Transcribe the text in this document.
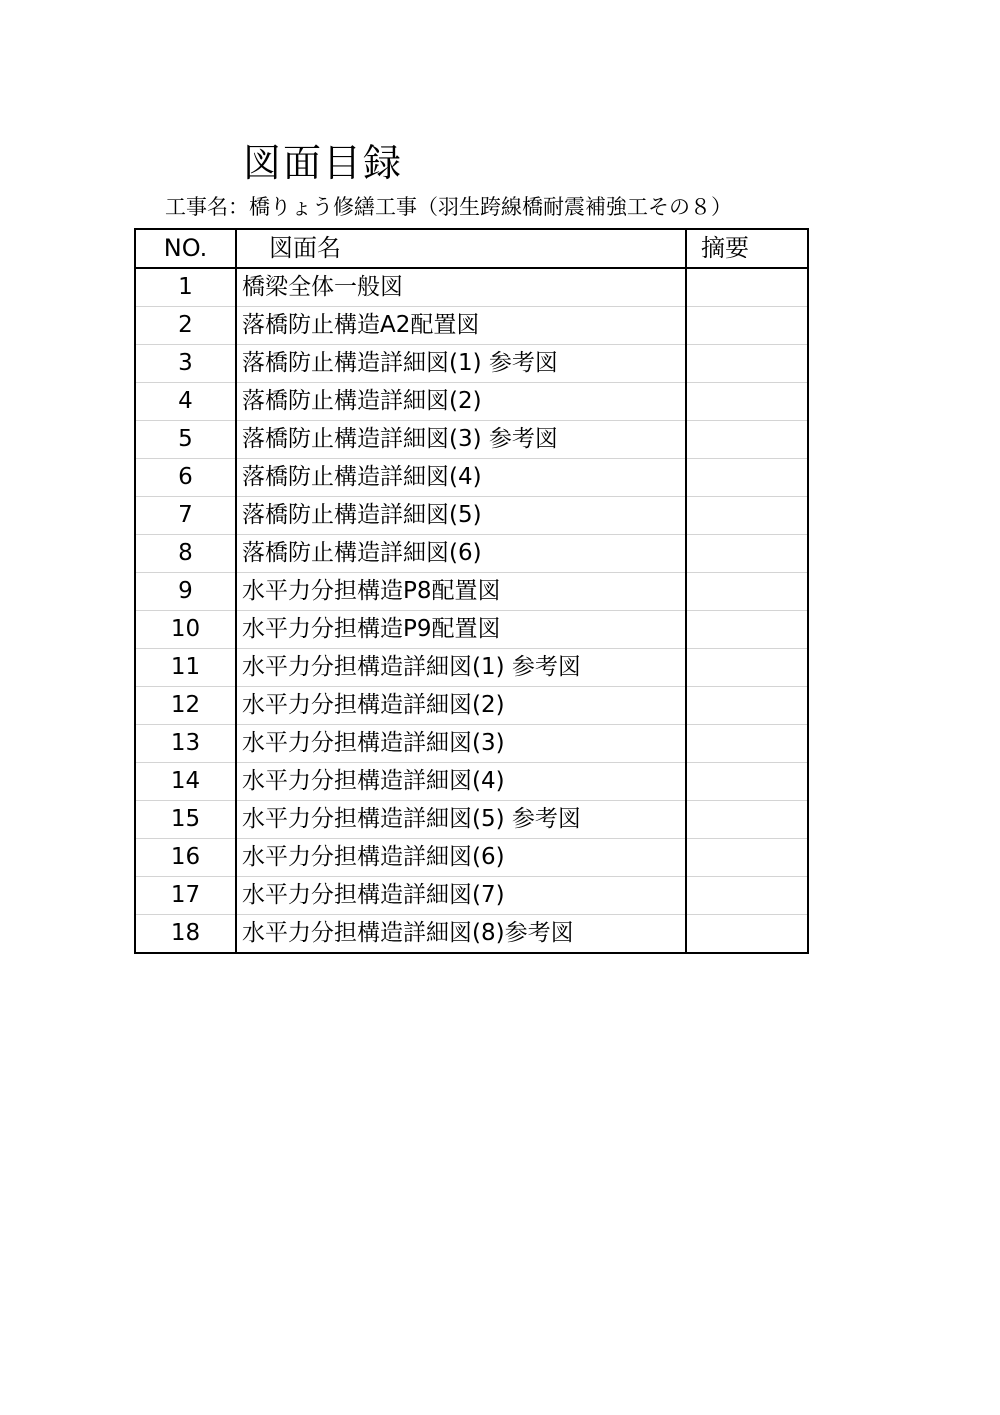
図面目録
工事名：橋りょう修繕工事（羽生跨線橋耐震補強工その８）
NO.	図面名	摘要
1	橋梁全体一般図	
2	落橋防止構造A2配置図	
3	落橋防止構造詳細図(1) 参考図	
4	落橋防止構造詳細図(2)	
5	落橋防止構造詳細図(3) 参考図	
6	落橋防止構造詳細図(4)	
7	落橋防止構造詳細図(5)	
8	落橋防止構造詳細図(6)	
9	水平力分担構造P8配置図	
10	水平力分担構造P9配置図	
11	水平力分担構造詳細図(1) 参考図	
12	水平力分担構造詳細図(2)	
13	水平力分担構造詳細図(3)	
14	水平力分担構造詳細図(4)	
15	水平力分担構造詳細図(5) 参考図	
16	水平力分担構造詳細図(6)	
17	水平力分担構造詳細図(7)	
18	水平力分担構造詳細図(8)参考図	
